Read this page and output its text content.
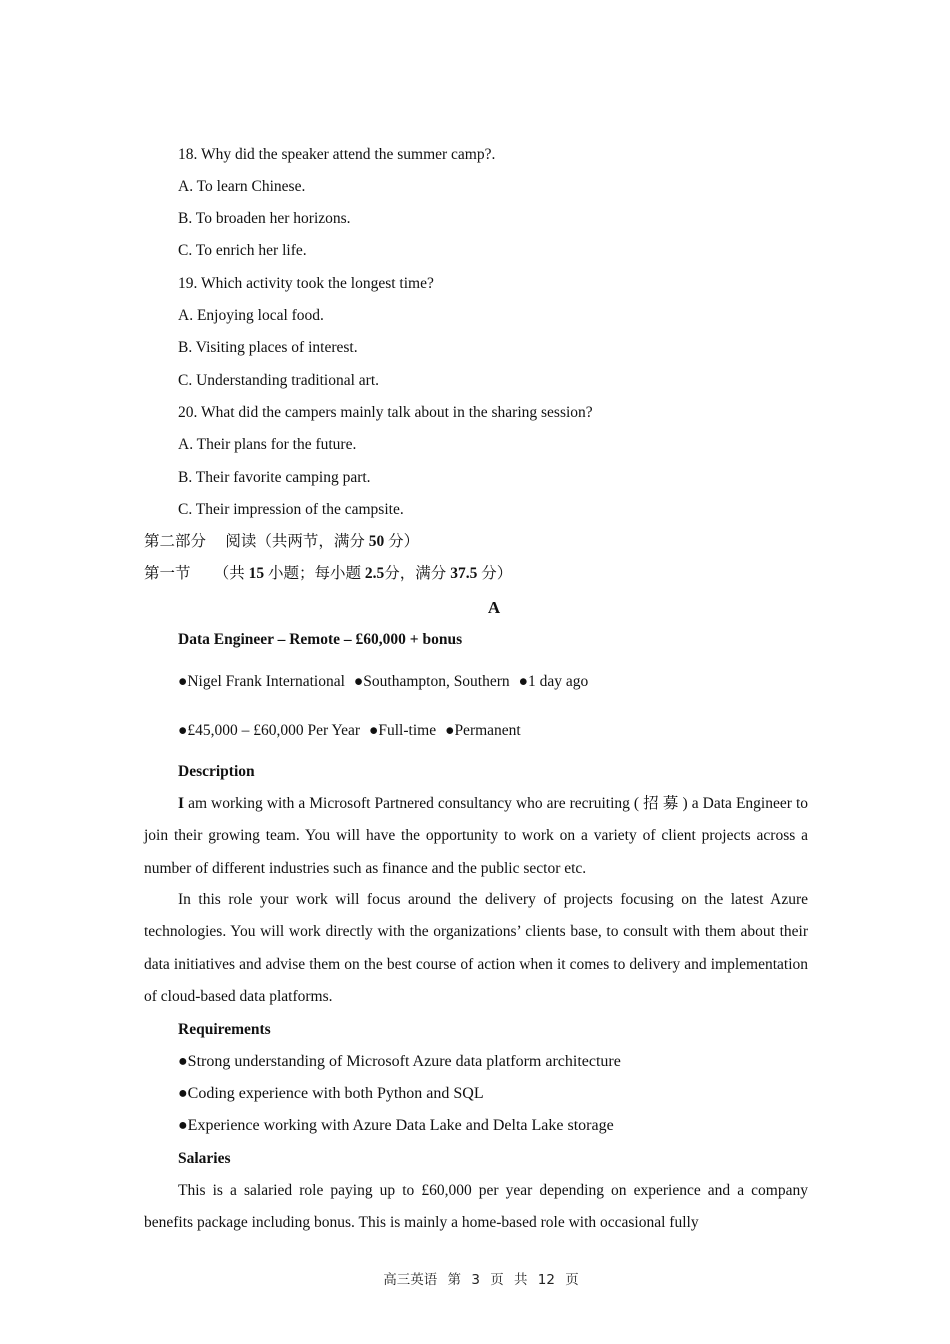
18. Why did the speaker attend the summer camp?.
A. To learn Chinese.
B. To broaden her horizons.
C. To enrich her life.
19. Which activity took the longest time?
A. Enjoying local food.
B. Visiting places of interest.
C. Understanding traditional art.
20. What did the campers mainly talk about in the sharing session?
A. Their plans for the future.
B. Their favorite camping part.
C. Their impression of the campsite.
第二部分 阅读（共两节，满分 50 分）
第一节 （共 15 小题；每小题 2.5分，满分 37.5 分）
A
Data Engineer – Remote – £60,000 + bonus
●Nigel Frank International ●Southampton, Southern ●1 day ago
●£45,000 – £60,000 Per Year ●Full-time ●Permanent
Description
I am working with a Microsoft Partnered consultancy who are recruiting ( 招 募 ) a Data Engineer to join their growing team. You will have the opportunity to work on a variety of client projects across a number of different industries such as finance and the public sector etc.
In this role your work will focus around the delivery of projects focusing on the latest Azure technologies. You will work directly with the organizations’ clients base, to consult with them about their data initiatives and advise them on the best course of action when it comes to delivery and implementation of cloud-based data platforms.
Requirements
●Strong understanding of Microsoft Azure data platform architecture
●Coding experience with both Python and SQL
●Experience working with Azure Data Lake and Delta Lake storage
Salaries
This is a salaried role paying up to £60,000 per year depending on experience and a company benefits package including bonus. This is mainly a home-based role with occasional fully
高三英语 第 3 页 共 12 页
